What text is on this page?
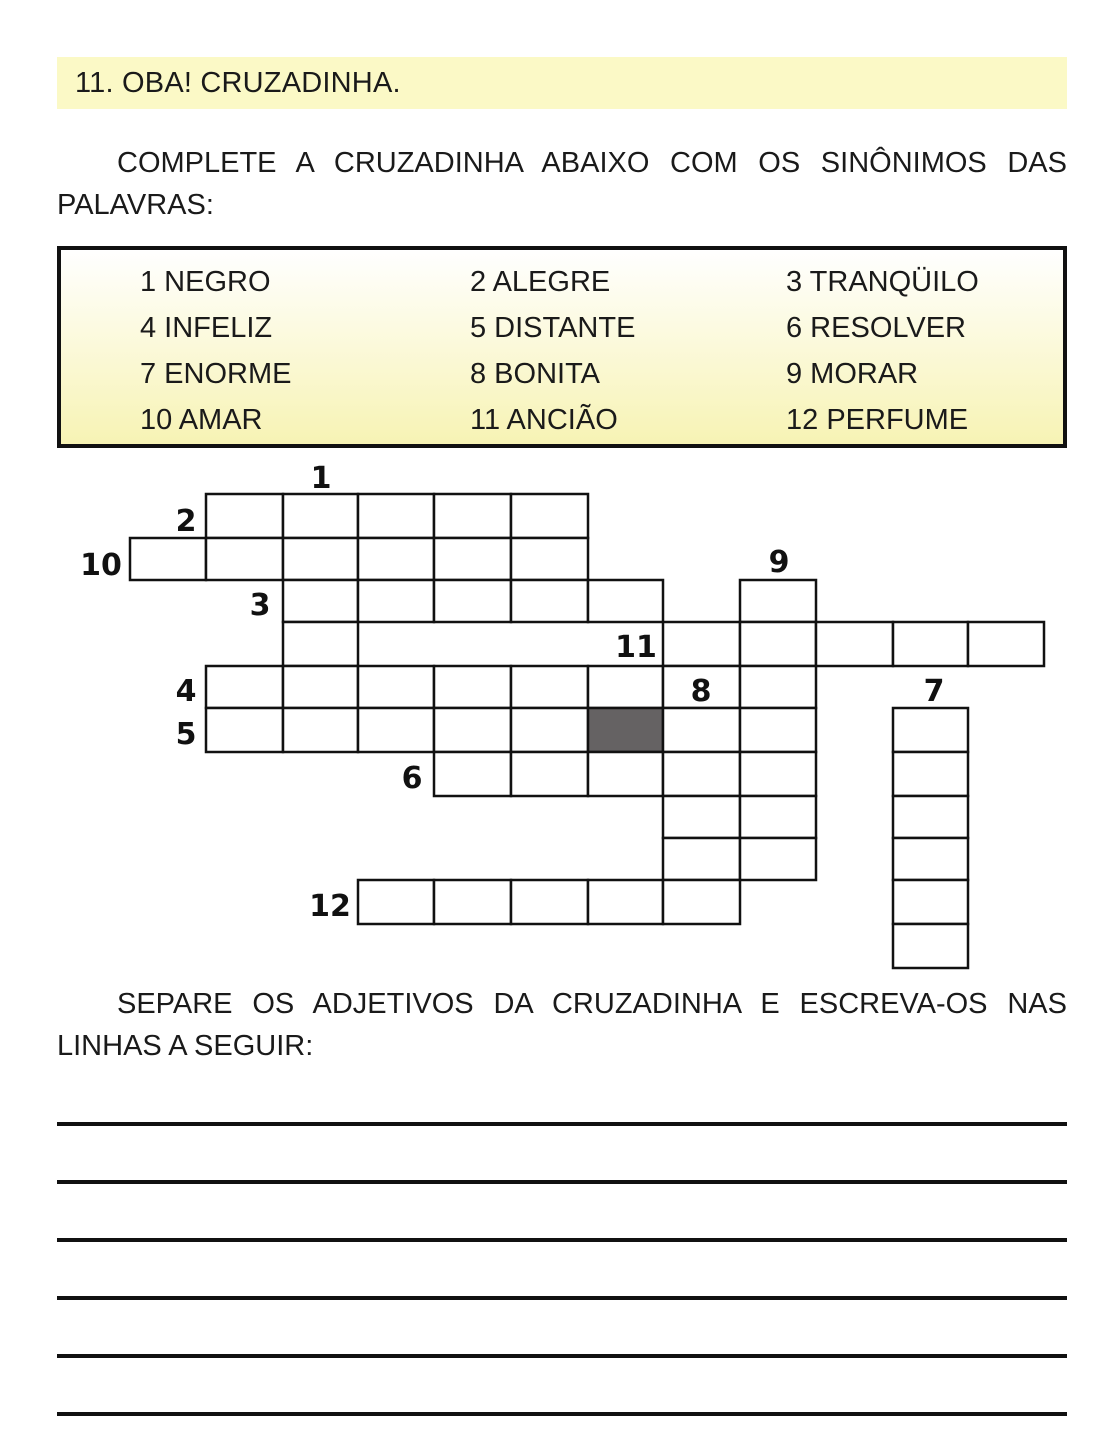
11. OBA! CRUZADINHA.
COMPLETE A CRUZADINHA ABAIXO COM OS SINÔNIMOS DAS PALAVRAS:
1 NEGRO	2 ALEGRE	3 TRANQÜILO
4 INFELIZ	5 DISTANTE	6 RESOLVER
7 ENORME	8 BONITA	9 MORAR
10 AMAR	11 ANCIÃO	12 PERFUME
1
2
10	9
3
11
4	8	7
5
6
12
SEPARE OS ADJETIVOS DA CRUZADINHA E ESCREVA-OS NAS LINHAS A SEGUIR:
